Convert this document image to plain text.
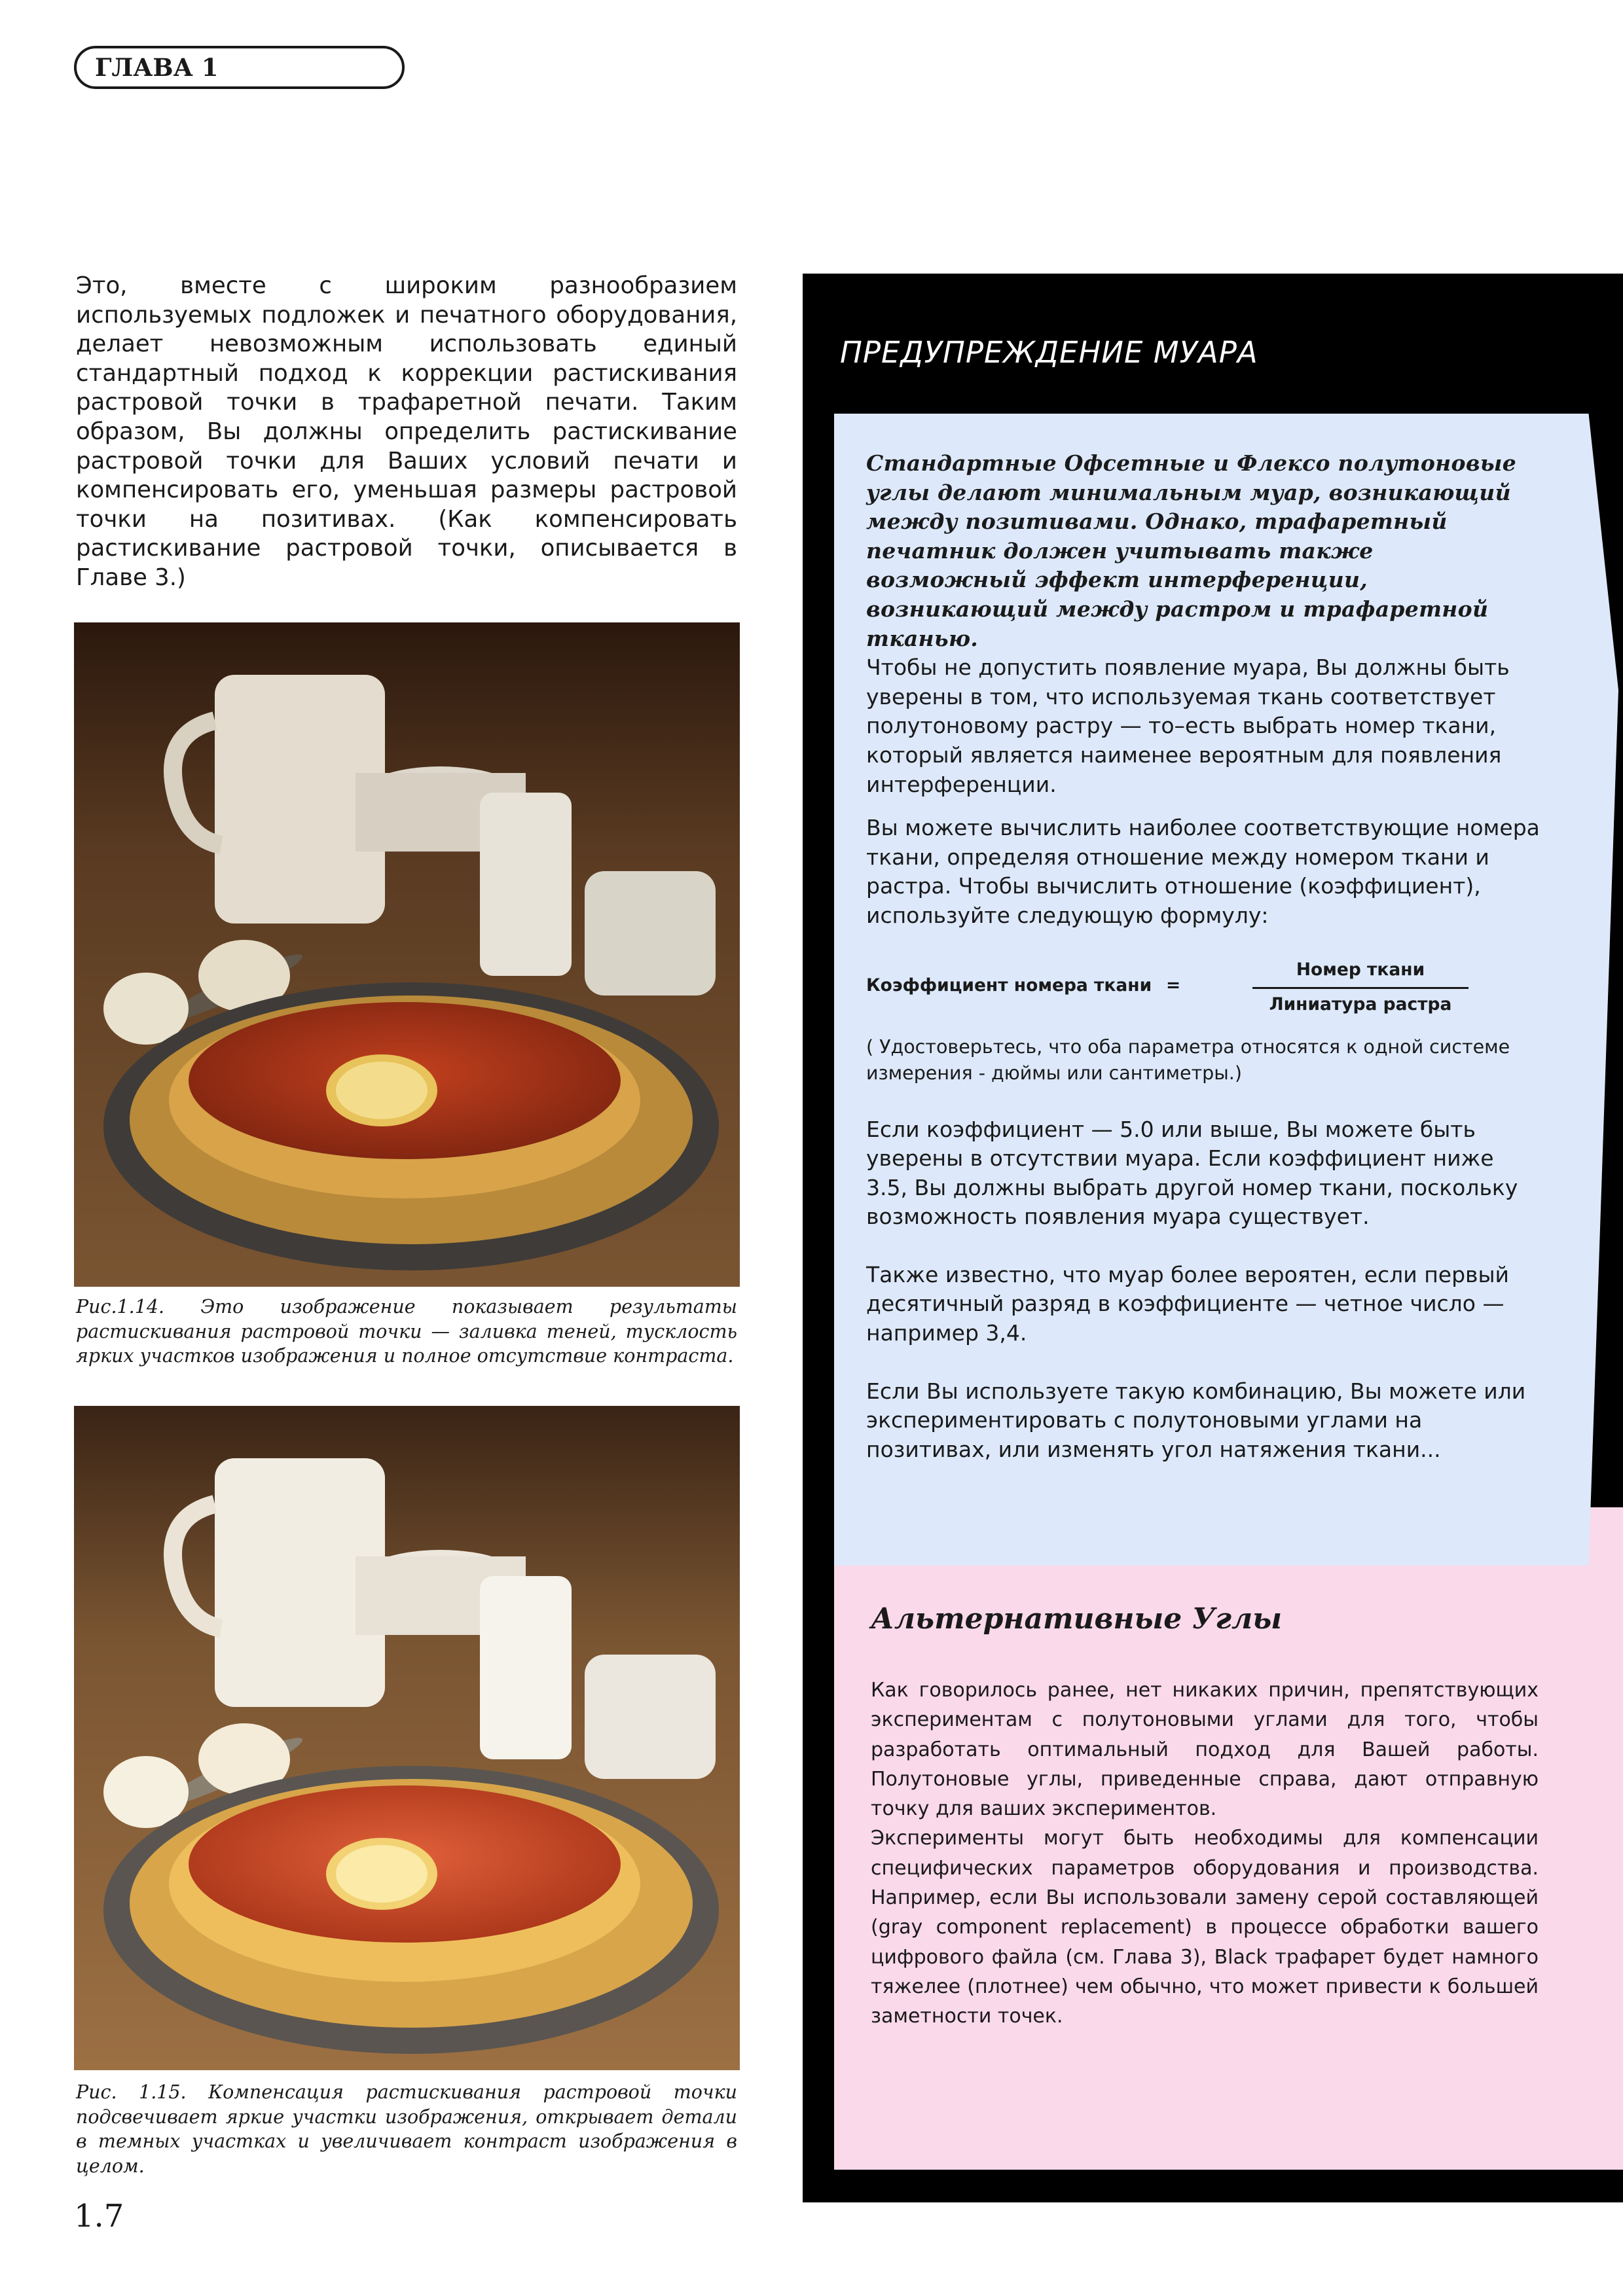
ГЛАВА 1
Это, вместе с широким разнообразием используемых подложек и печатного оборудования, делает невозможным использовать единый стандартный подход к коррекции растискивания растровой точки в трафаретной печати. Таким образом, Вы должны определить растискивание растровой точки для Ваших условий печати и компенсировать его, уменьшая размеры растровой точки на позитивах. (Как компенсировать растискивание растровой точки, описывается в Главе 3.)
Рис.1.14. Это изображение показывает результаты растискивания растровой точки — заливка теней, тусклость ярких участков изображения и полное отсутствие контраста.
Рис. 1.15. Компенсация растискивания растровой точки подсвечивает яркие участки изображения, открывает детали в темных участках и увеличивает контраст изображения в целом.
1.7
ПРЕДУПРЕЖДЕНИЕ МУАРА

Стандартные Офсетные и Флексо полутоновые углы делают минимальным муар, возникающий между позитивами. Однако, трафаретный печатник должен учитывать также возможный эффект интерференции, возникающий между растром и трафаретной тканью.

Чтобы не допустить появление муара, Вы должны быть уверены в том, что используемая ткань соответствует полутоновому растру — то–есть выбрать номер ткани, который является наименее вероятным для появления интерференции.

Вы можете вычислить наиболее соответствующие номера ткани, определяя отношение между номером ткани и растра. Чтобы вычислить отношение (коэффициент), используйте следующую формулу:

Коэффициент номера ткани =
Номер ткани
Линиатура растра

( Удостоверьтесь, что оба параметра относятся к одной системе измерения - дюймы или сантиметры.)

Если коэффициент — 5.0 или выше, Вы можете быть уверены в отсутствии муара. Если коэффициент ниже 3.5, Вы должны выбрать другой номер ткани, поскольку возможность появления муара существует.

Также известно, что муар более вероятен, если первый десятичный разряд в коэффициенте — четное число — например 3,4.

Если Вы используете такую комбинацию, Вы можете или экспериментировать с полутоновыми углами на позитивах, или изменять угол натяжения ткани...

Альтернативные Углы

Как говорилось ранее, нет никаких причин, препятствующих экспериментам с полутоновыми углами для того, чтобы разработать оптимальный подход для Вашей работы. Полутоновые углы, приведенные справа, дают отправную точку для ваших экспериментов.

Эксперименты могут быть необходимы для компенсации специфических параметров оборудования и производства. Например, если Вы использовали замену серой составляющей (gray component replacement) в процессе обработки вашего цифрового файла (см. Глава 3), Black трафарет будет намного тяжелее (плотнее) чем обычно, что может привести к большей заметности точек.
